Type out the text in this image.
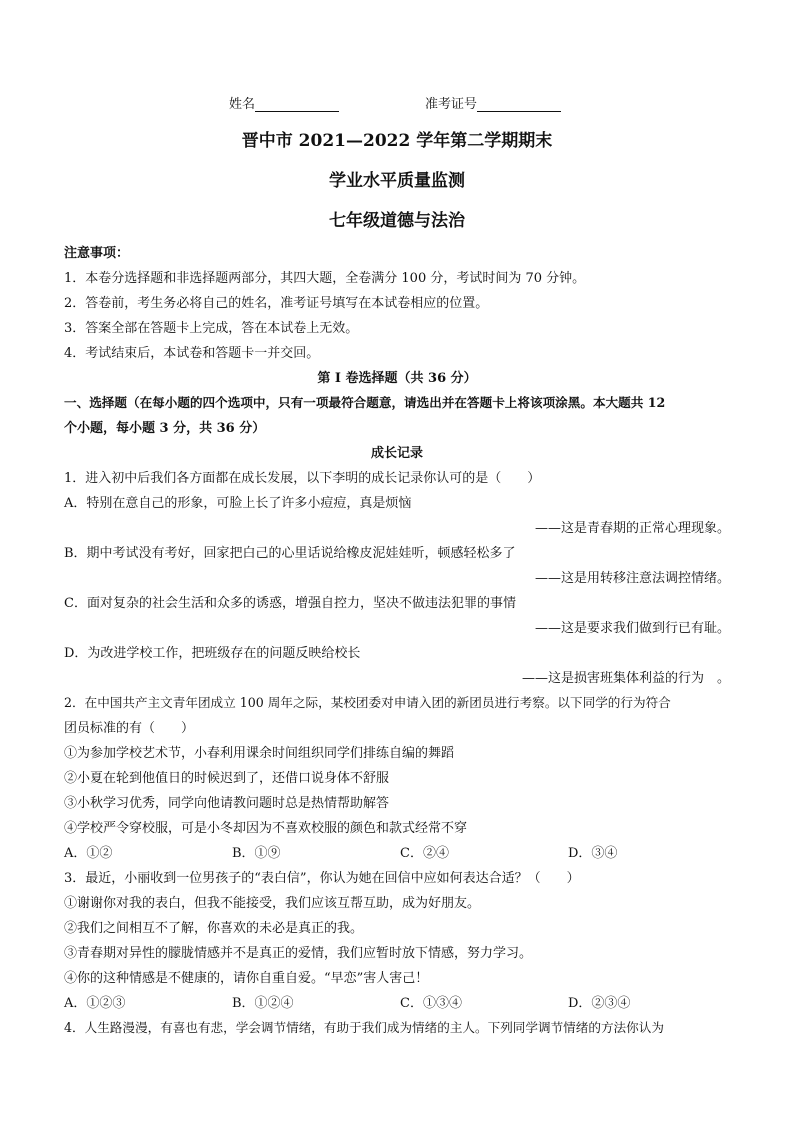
姓名	准考证号
晋中市 2021—2022 学年第二学期期末
学业水平质量监测
七年级道德与法治
注意事项：
1．本卷分选择题和非选择题两部分，其四大题，全卷满分 100 分，考试时间为 70 分钟。
2．答卷前，考生务必将自己的姓名，准考证号填写在本试卷相应的位置。
3．答案全部在答题卡上完成，答在本试卷上无效。
4．考试结束后，本试卷和答题卡一并交回。
第 I 卷选择题（共 36 分）
一、选择题（在每小题的四个选项中，只有一项最符合题意，请选出并在答题卡上将该项涂黑。本大题共 12
个小题，每小题 3 分，共 36 分）
成长记录
1．进入初中后我们各方面都在成长发展，以下李明的成长记录你认可的是（　　）
A．特别在意自己的形象，可脸上长了许多小痘痘，真是烦恼
——这是青春期的正常心理现象。
B．期中考试没有考好，回家把白己的心里话说给橡皮泥娃娃听，顿感轻松多了
——这是用转移注意法调控情绪。
C．面对复杂的社会生活和众多的诱惑，增强自控力，坚决不做违法犯罪的事情
——这是要求我们做到行已有耻。
D．为改进学校工作，把班级存在的问题反映给校长
——这是损害班集体利益的行为　。
2．在中国共产主文青年团成立 100 周年之际，某校团委对申请入团的新团员进行考察。以下同学的行为符合
团员标准的有（　　）
①为参加学校艺术节，小春利用课余时间组织同学们排练自编的舞蹈
②小夏在轮到他值日的时候迟到了，还借口说身体不舒服
③小秋学习优秀，同学向他请教问题时总是热情帮助解答
④学校严令穿校服，可是小冬却因为不喜欢校服的颜色和款式经常不穿
A．①②	B．①⑨	C．②④	D．③④
3．最近，小丽收到一位男孩子的“表白信”，你认为她在回信中应如何表达合适？（　　）
①谢谢你对我的表白，但我不能接受，我们应该互帮互助，成为好朋友。
②我们之间相互不了解，你喜欢的未必是真正的我。
③青春期对异性的朦胧情感并不是真正的爱情，我们应暂时放下情感，努力学习。
④你的这种情感是不健康的，请你自重自爱。“早恋”害人害己！
A．①②③	B．①②④	C．①③④	D．②③④
4．人生路漫漫，有喜也有悲，学会调节情绪，有助于我们成为情绪的主人。下列同学调节情绪的方法你认为
